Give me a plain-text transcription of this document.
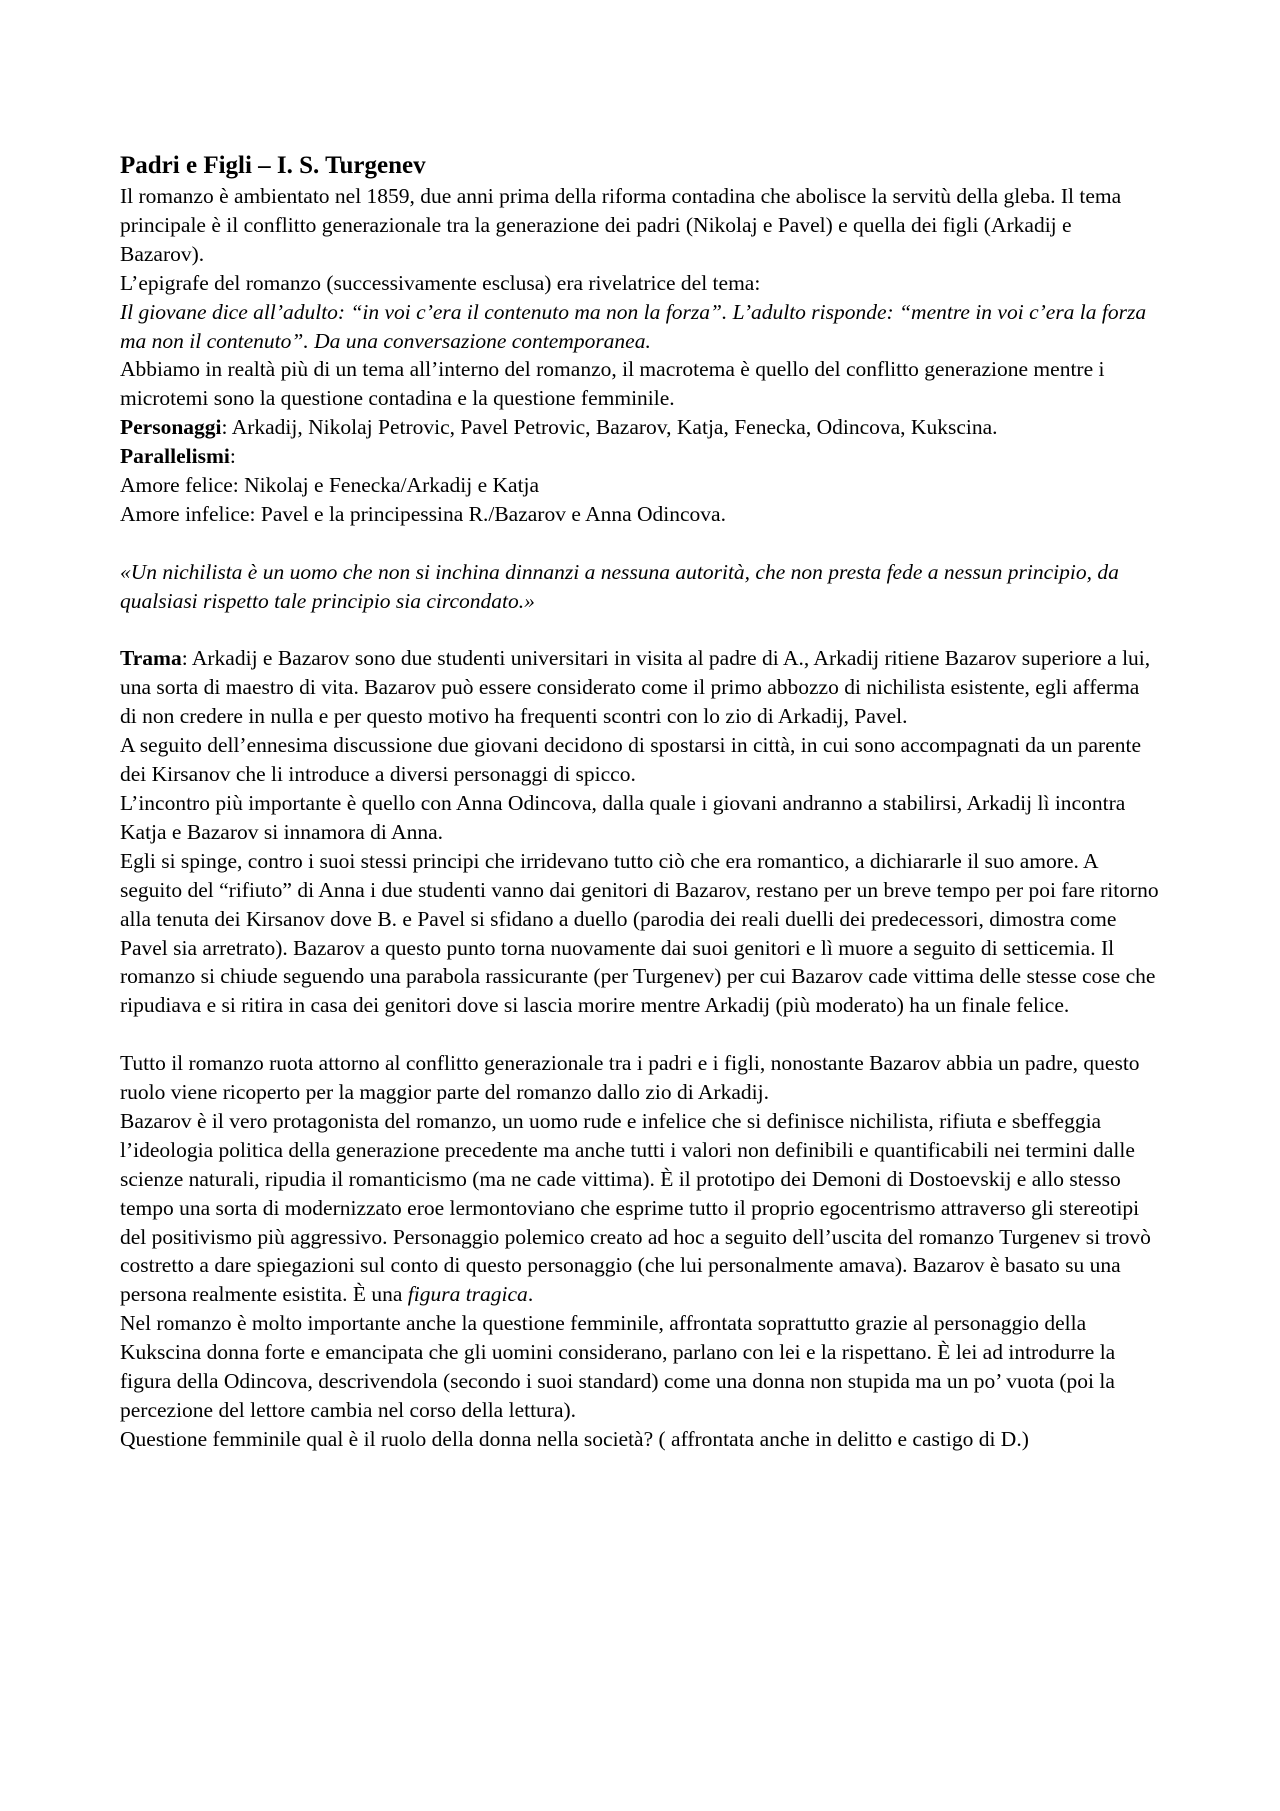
Padri e Figli – I. S. Turgenev

Il romanzo è ambientato nel 1859, due anni prima della riforma contadina che abolisce la servitù della gleba. Il tema principale è il conflitto generazionale tra la generazione dei padri (Nikolaj e Pavel) e quella dei figli (Arkadij e Bazarov).

L’epigrafe del romanzo (successivamente esclusa) era rivelatrice del tema:

Il giovane dice all’adulto: “in voi c’era il contenuto ma non la forza”. L’adulto risponde: “mentre in voi c’era la forza ma non il contenuto”. Da una conversazione contemporanea.

Abbiamo in realtà più di un tema all’interno del romanzo, il macrotema è quello del conflitto generazione mentre i microtemi sono la questione contadina e la questione femminile.

Personaggi: Arkadij, Nikolaj Petrovic, Pavel Petrovic, Bazarov, Katja, Fenecka, Odincova, Kukscina.

Parallelismi:

Amore felice: Nikolaj e Fenecka/Arkadij e Katja

Amore infelice: Pavel e la principessina R./Bazarov e Anna Odincova.

«Un nichilista è un uomo che non si inchina dinnanzi a nessuna autorità, che non presta fede a nessun principio, da qualsiasi rispetto tale principio sia circondato.»

Trama: Arkadij e Bazarov sono due studenti universitari in visita al padre di A., Arkadij ritiene Bazarov superiore a lui, una sorta di maestro di vita. Bazarov può essere considerato come il primo abbozzo di nichilista esistente, egli afferma di non credere in nulla e per questo motivo ha frequenti scontri con lo zio di Arkadij, Pavel.

A seguito dell’ennesima discussione due giovani decidono di spostarsi in città, in cui sono accompagnati da un parente dei Kirsanov che li introduce a diversi personaggi di spicco.

L’incontro più importante è quello con Anna Odincova, dalla quale i giovani andranno a stabilirsi, Arkadij lì incontra Katja e Bazarov si innamora di Anna.

Egli si spinge, contro i suoi stessi principi che irridevano tutto ciò che era romantico, a dichiararle il suo amore. A seguito del “rifiuto” di Anna i due studenti vanno dai genitori di Bazarov, restano per un breve tempo per poi fare ritorno alla tenuta dei Kirsanov dove B. e Pavel si sfidano a duello (parodia dei reali duelli dei predecessori, dimostra come Pavel sia arretrato). Bazarov a questo punto torna nuovamente dai suoi genitori e lì muore a seguito di setticemia. Il romanzo si chiude seguendo una parabola rassicurante (per Turgenev) per cui Bazarov cade vittima delle stesse cose che ripudiava e si ritira in casa dei genitori dove si lascia morire mentre Arkadij (più moderato) ha un finale felice.

Tutto il romanzo ruota attorno al conflitto generazionale tra i padri e i figli, nonostante Bazarov abbia un padre, questo ruolo viene ricoperto per la maggior parte del romanzo dallo zio di Arkadij.

Bazarov è il vero protagonista del romanzo, un uomo rude e infelice che si definisce nichilista, rifiuta e sbeffeggia l’ideologia politica della generazione precedente ma anche tutti i valori non definibili e quantificabili nei termini dalle scienze naturali, ripudia il romanticismo (ma ne cade vittima). È il prototipo dei Demoni di Dostoevskij e allo stesso tempo una sorta di modernizzato eroe lermontoviano che esprime tutto il proprio egocentrismo attraverso gli stereotipi del positivismo più aggressivo. Personaggio polemico creato ad hoc a seguito dell’uscita del romanzo Turgenev si trovò costretto a dare spiegazioni sul conto di questo personaggio (che lui personalmente amava). Bazarov è basato su una persona realmente esistita. È una figura tragica.

Nel romanzo è molto importante anche la questione femminile, affrontata soprattutto grazie al personaggio della Kukscina donna forte e emancipata che gli uomini considerano, parlano con lei e la rispettano. È lei ad introdurre la figura della Odincova, descrivendola (secondo i suoi standard) come una donna non stupida ma un po’ vuota (poi la percezione del lettore cambia nel corso della lettura).

Questione femminile qual è il ruolo della donna nella società? ( affrontata anche in delitto e castigo di D.)
